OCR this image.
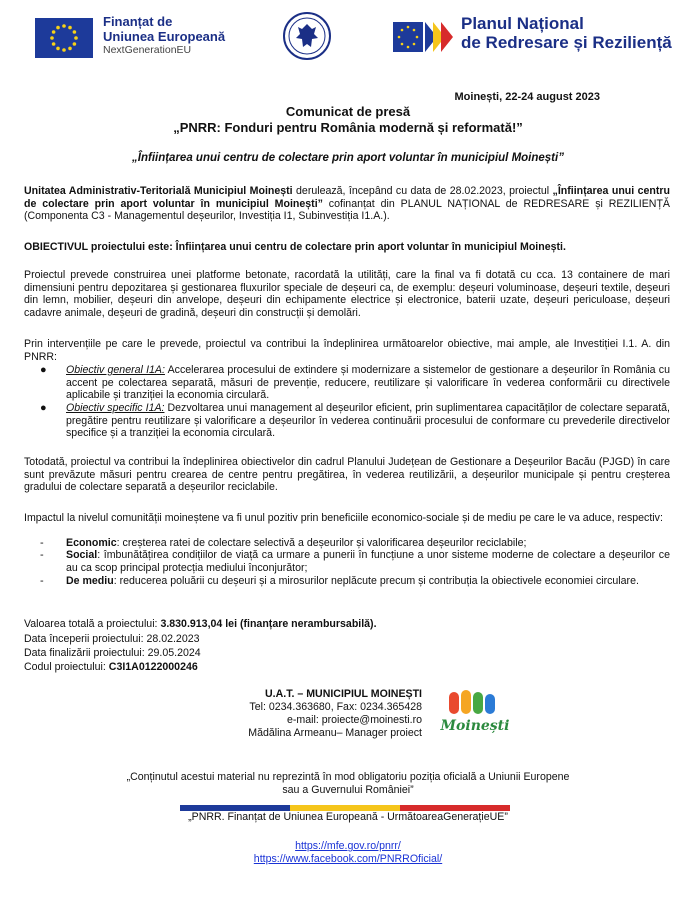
Finanțat de
Uniunea Europeană
NextGenerationEU
Planul Național
de Redresare și Reziliență
Moinești, 22-24 august 2023
Comunicat de presă
„PNRR: Fonduri pentru România modernă și reformată!”
„Înființarea unui centru de colectare prin aport voluntar în municipiul Moinești”

Unitatea Administrativ-Teritorială Municipiul Moinești derulează, începând cu data de 28.02.2023, proiectul „Înființarea unui centru de colectare prin aport voluntar în municipiul Moinești” cofinanțat din PLANUL NAȚIONAL de REDRESARE și REZILIENȚĂ (Componenta C3 - Managementul deșeurilor, Investiția I1, Subinvestiția I1.A.).

OBIECTIVUL proiectului este: Înființarea unui centru de colectare prin aport voluntar în municipiul Moinești.

Proiectul prevede construirea unei platforme betonate, racordată la utilități, care la final va fi dotată cu cca. 13 containere de mari dimensiuni pentru depozitarea și gestionarea fluxurilor speciale de deșeuri ca, de exemplu: deșeuri voluminoase, deșeuri textile, deșeuri din lemn, mobilier, deșeuri din anvelope, deșeuri din echipamente electrice și electronice, baterii uzate, deșeuri periculoase, deșeuri cadavre animale, deșeuri de gradină, deșeuri din construcții și demolări.

Prin intervențiile pe care le prevede, proiectul va contribui la îndeplinirea următoarelor obiective, mai ample, ale Investiției I.1. A. din PNRR:

● Obiectiv general I1A: Accelerarea procesului de extindere și modernizare a sistemelor de gestionare a deșeurilor în România cu accent pe colectarea separată, măsuri de prevenție, reducere, reutilizare și valorificare în vederea conformării cu directivele aplicabile și tranziției la economia circulară.

● Obiectiv specific I1A: Dezvoltarea unui management al deșeurilor eficient, prin suplimentarea capacităților de colectare separată, pregătire pentru reutilizare și valorificare a deșeurilor în vederea continuării procesului de conformare cu prevederile directivelor specifice și a tranziției la economia circulară.

Totodată, proiectul va contribui la îndeplinirea obiectivelor din cadrul Planului Județean de Gestionare a Deșeurilor Bacău (PJGD) în care sunt prevăzute măsuri pentru crearea de centre pentru pregătirea, în vederea reutilizării, a deșeurilor municipale și pentru creșterea gradului de colectare separată a deșeurilor reciclabile.

Impactul la nivelul comunității moineștene va fi unul pozitiv prin beneficiile economico-sociale și de mediu pe care le va aduce, respectiv:

- Economic: creșterea ratei de colectare selectivă a deșeurilor și valorificarea deșeurilor reciclabile;

- Social: îmbunătățirea condițiilor de viață ca urmare a punerii în funcțiune a unor sisteme moderne de colectare a deșeurilor ce au ca scop principal protecția mediului înconjurător;

- De mediu: reducerea poluării cu deșeuri și a mirosurilor neplăcute precum și contribuția la obiectivele economiei circulare.

Valoarea totală a proiectului: 3.830.913,04 lei (finanțare nerambursabilă).
Data începerii proiectului: 28.02.2023
Data finalizării proiectului: 29.05.2024
Codul proiectului: C3I1A0122000246
U.A.T. – MUNICIPIUL MOINEȘTI
Tel: 0234.363680, Fax: 0234.365428
e-mail: proiecte@moinesti.ro
Mădălina Armeanu– Manager proiect Moinești
„Conținutul acestui material nu reprezintă în mod obligatoriu poziția oficială a Uniunii Europene
sau a Guvernului României”
„PNRR. Finanțat de Uniunea Europeană - UrmătoareaGenerațieUE”
https://mfe.gov.ro/pnrr/
https://www.facebook.com/PNRROficial/
